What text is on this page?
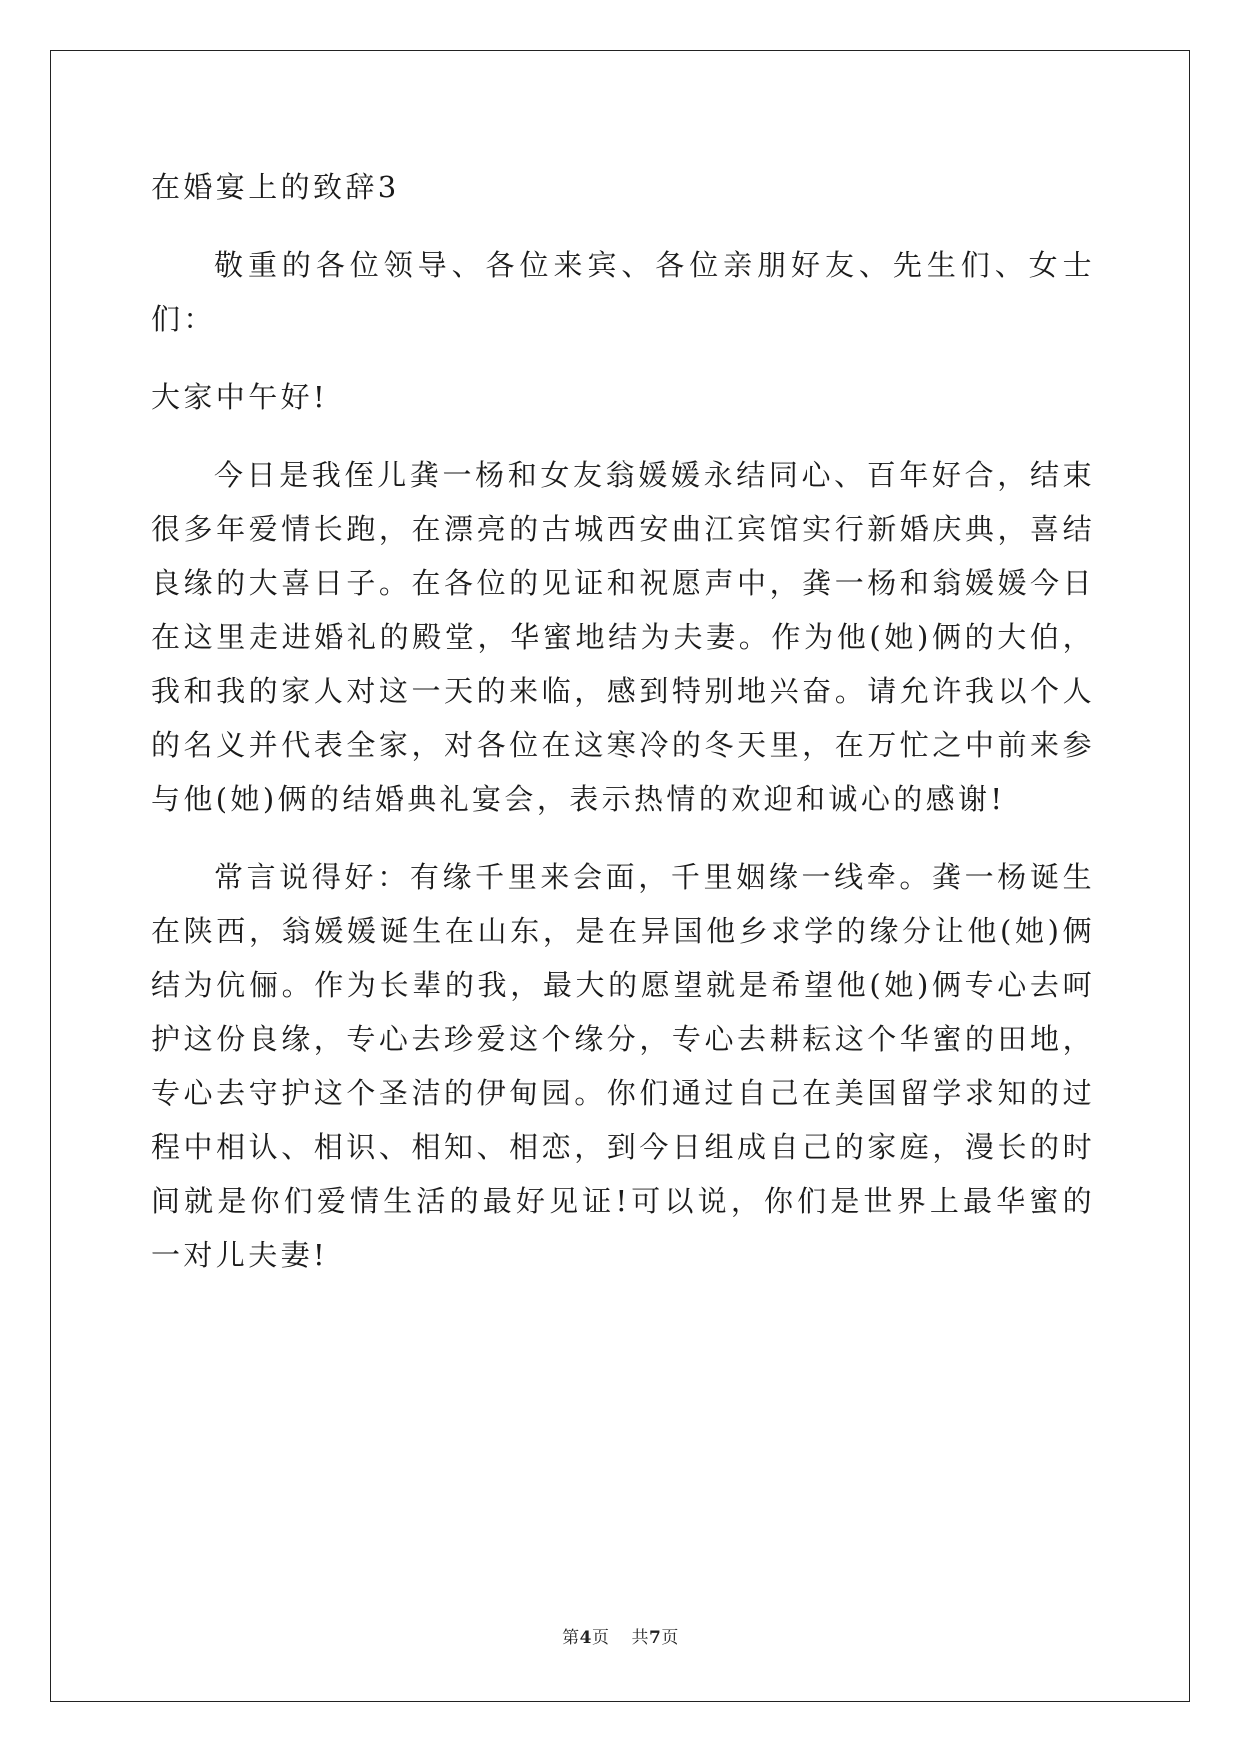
在婚宴上的致辞3

敬重的各位领导、各位来宾、各位亲朋好友、先生们、女士们：

大家中午好!

今日是我侄儿龚一杨和女友翁媛媛永结同心、百年好合，结束很多年爱情长跑，在漂亮的古城西安曲江宾馆实行新婚庆典，喜结良缘的大喜日子。在各位的见证和祝愿声中，龚一杨和翁媛媛今日在这里走进婚礼的殿堂，华蜜地结为夫妻。作为他(她)俩的大伯，我和我的家人对这一天的来临，感到特别地兴奋。请允许我以个人的名义并代表全家，对各位在这寒冷的冬天里，在万忙之中前来参与他(她)俩的结婚典礼宴会，表示热情的欢迎和诚心的感谢!

常言说得好：有缘千里来会面，千里姻缘一线牵。龚一杨诞生在陕西，翁媛媛诞生在山东，是在异国他乡求学的缘分让他(她)俩结为伉俪。作为长辈的我，最大的愿望就是希望他(她)俩专心去呵护这份良缘，专心去珍爱这个缘分，专心去耕耘这个华蜜的田地，专心去守护这个圣洁的伊甸园。你们通过自己在美国留学求知的过程中相认、相识、相知、相恋，到今日组成自己的家庭，漫长的时间就是你们爱情生活的最好见证!可以说，你们是世界上最华蜜的一对儿夫妻!

第4页 共7页
